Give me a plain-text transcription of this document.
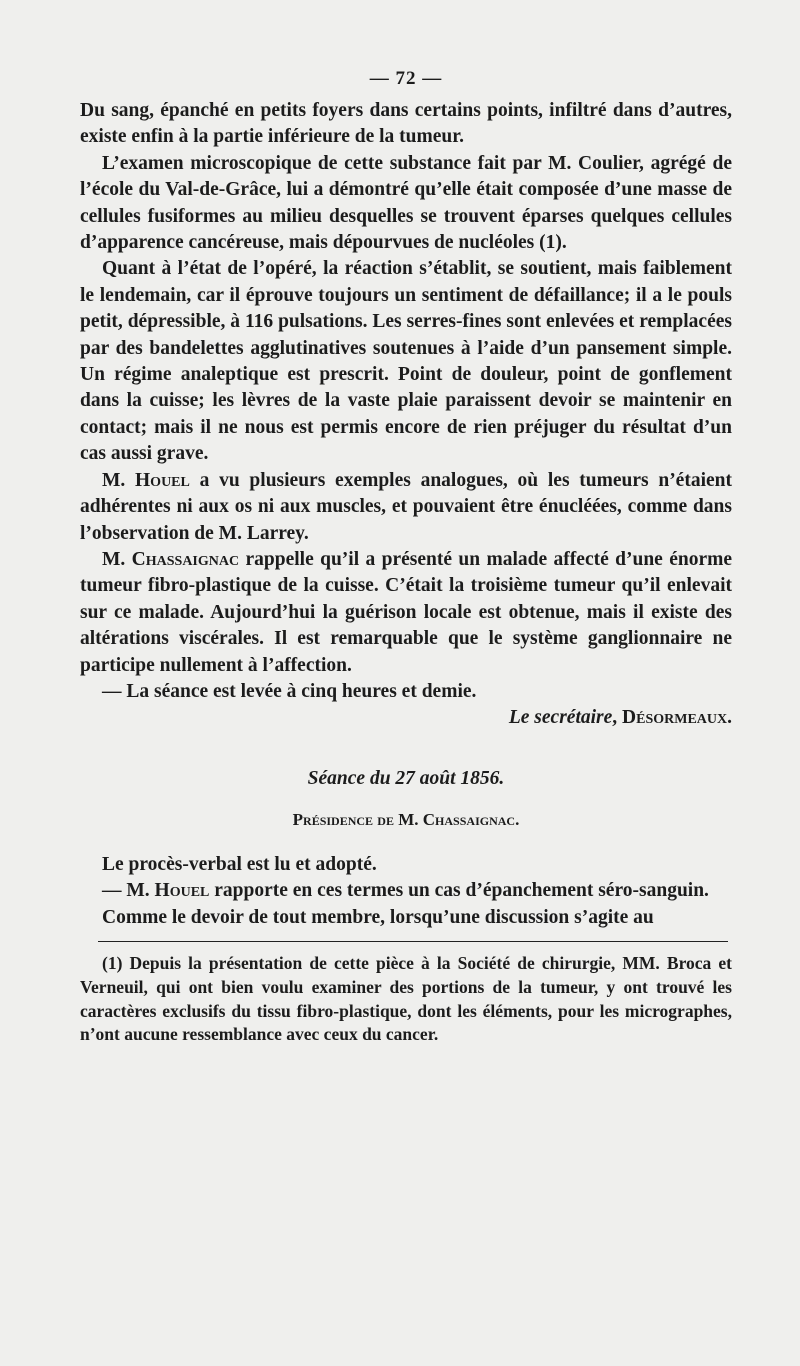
— 72 —

Du sang, épanché en petits foyers dans certains points, infiltré dans d’autres, existe enfin à la partie inférieure de la tumeur.

L’examen microscopique de cette substance fait par M. Coulier, agrégé de l’école du Val-de-Grâce, lui a démontré qu’elle était composée d’une masse de cellules fusiformes au milieu desquelles se trouvent éparses quelques cellules d’apparence cancéreuse, mais dépourvues de nucléoles (1).

Quant à l’état de l’opéré, la réaction s’établit, se soutient, mais faiblement le lendemain, car il éprouve toujours un sentiment de défaillance; il a le pouls petit, dépressible, à 116 pulsations. Les serres-fines sont enlevées et remplacées par des bandelettes agglutinatives soutenues à l’aide d’un pansement simple. Un régime analeptique est prescrit. Point de douleur, point de gonflement dans la cuisse; les lèvres de la vaste plaie paraissent devoir se maintenir en contact; mais il ne nous est permis encore de rien préjuger du résultat d’un cas aussi grave.

M. Houel a vu plusieurs exemples analogues, où les tumeurs n’étaient adhérentes ni aux os ni aux muscles, et pouvaient être énucléées, comme dans l’observation de M. Larrey.

M. Chassaignac rappelle qu’il a présenté un malade affecté d’une énorme tumeur fibro-plastique de la cuisse. C’était la troisième tumeur qu’il enlevait sur ce malade. Aujourd’hui la guérison locale est obtenue, mais il existe des altérations viscérales. Il est remarquable que le système ganglionnaire ne participe nullement à l’affection.

— La séance est levée à cinq heures et demie.

Le secrétaire, Désormeaux.

Séance du 27 août 1856.
Présidence de M. Chassaignac.

Le procès-verbal est lu et adopté.

— M. Houel rapporte en ces termes un cas d’épanchement séro-sanguin.

Comme le devoir de tout membre, lorsqu’une discussion s’agite au

(1) Depuis la présentation de cette pièce à la Société de chirurgie, MM. Broca et Verneuil, qui ont bien voulu examiner des portions de la tumeur, y ont trouvé les caractères exclusifs du tissu fibro-plastique, dont les éléments, pour les micrographes, n’ont aucune ressemblance avec ceux du cancer.
